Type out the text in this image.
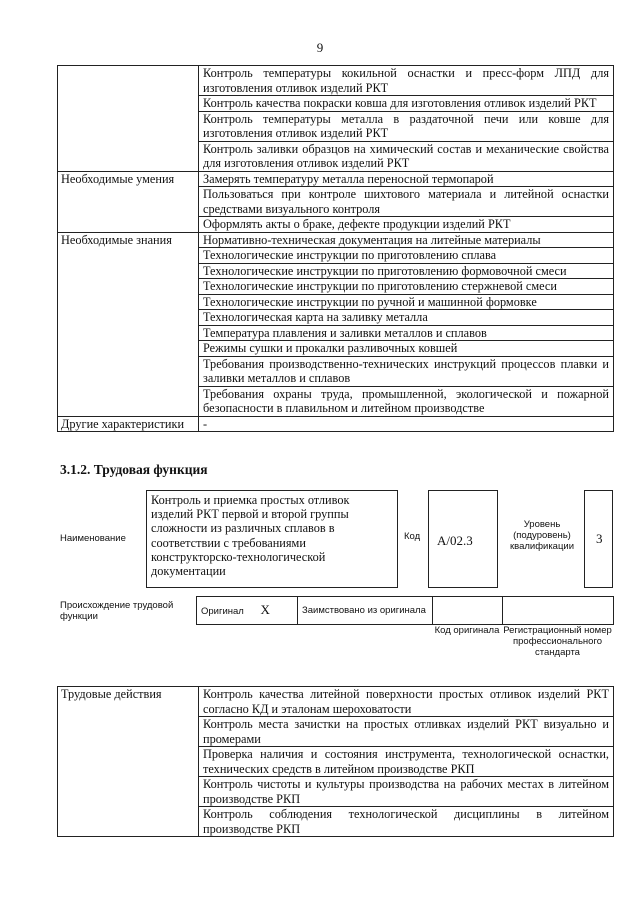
9
	Контроль температуры кокильной оснастки и пресс-форм ЛПД для изготовления отливок изделий РКТ
	Контроль качества покраски ковша для изготовления отливок изделий РКТ
	Контроль температуры металла в раздаточной печи или ковше для изготовления отливок изделий РКТ
	Контроль заливки образцов на химический состав и механические свойства для изготовления отливок изделий РКТ
Необходимые умения	Замерять температуру металла переносной термопарой
	Пользоваться при контроле шихтового материала и литейной оснастки средствами визуального контроля
	Оформлять акты о браке, дефекте продукции изделий РКТ
Необходимые знания	Нормативно-техническая документация на литейные материалы
	Технологические инструкции по приготовлению сплава
	Технологические инструкции по приготовлению формовочной смеси
	Технологические инструкции по приготовлению стержневой смеси
	Технологические инструкции по ручной и машинной формовке
	Технологическая карта на заливку металла
	Температура плавления и заливки металлов и сплавов
	Режимы сушки и прокалки разливочных ковшей
	Требования производственно-технических инструкций процессов плавки и заливки металлов и сплавов
	Требования охраны труда, промышленной, экологической и пожарной безопасности в плавильном и литейном производстве
Другие характеристики	-
3.1.2. Трудовая функция
Наименование
Контроль и приемка простых отливок изделий РКТ первой и второй группы сложности из различных сплавов в соответствии с требованиями конструкторско-технологической документации
Код A/02.3
Уровень (подуровень) квалификации
3
Происхождение трудовой функции	Оригинал X	Заимствовано из оригинала		
Код оригинала Регистрационный номер профессионального стандарта
Трудовые действия	Контроль качества литейной поверхности простых отливок изделий РКТ согласно КД и эталонам шероховатости
Контроль места зачистки на простых отливках изделий РКТ визуально и промерами
Проверка наличия и состояния инструмента, технологической оснастки, технических средств в литейном производстве РКП
Контроль чистоты и культуры производства на рабочих местах в литейном производстве РКП
Контроль соблюдения технологической дисциплины в литейном производстве РКП
